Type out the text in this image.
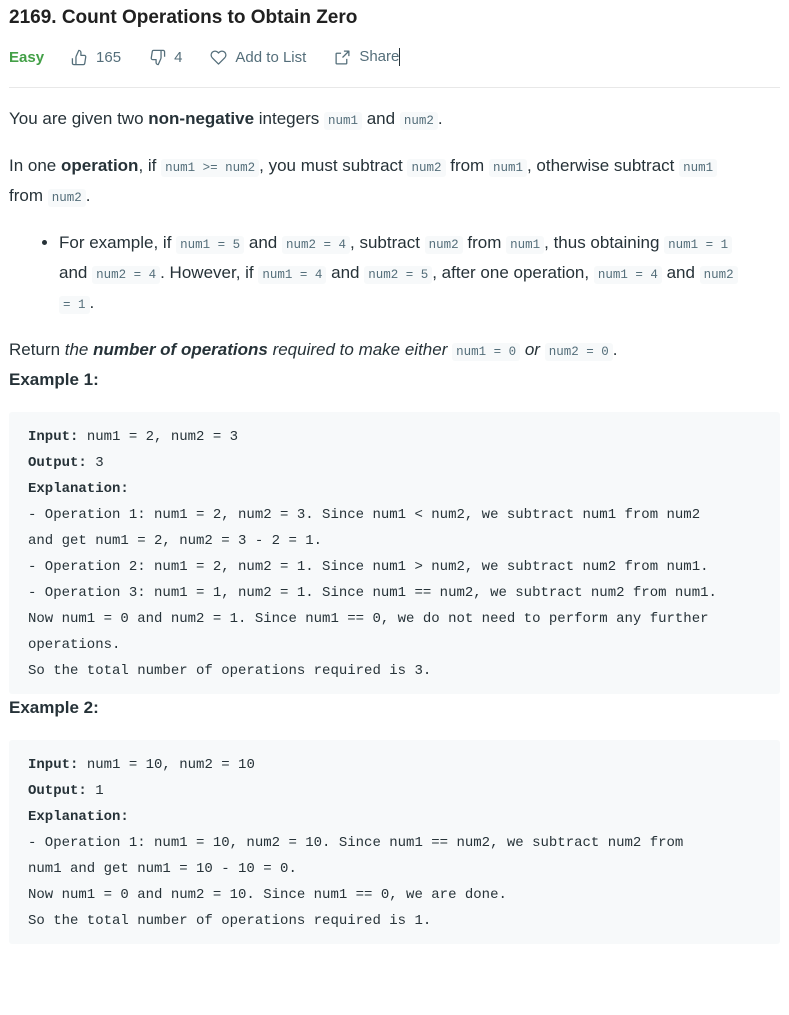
2169. Count Operations to Obtain Zero
Easy	165	4	Add to List	Share

You are given two non-negative integers num1 and num2 .

In one operation, if num1 >= num2 , you must subtract num2 from num1 , otherwise subtract num1
from num2 .

• For example, if num1 = 5 and num2 = 4 , subtract num2 from num1 , thus obtaining num1 = 1
and num2 = 4 . However, if num1 = 4 and num2 = 5 , after one operation, num1 = 4 and num2
= 1 .

Return the number of operations required to make either num1 = 0 or num2 = 0 .

Example 1:

Input: num1 = 2, num2 = 3
Output: 3
Explanation:
- Operation 1: num1 = 2, num2 = 3. Since num1 < num2, we subtract num1 from num2
and get num1 = 2, num2 = 3 - 2 = 1.
- Operation 2: num1 = 2, num2 = 1. Since num1 > num2, we subtract num2 from num1.
- Operation 3: num1 = 1, num2 = 1. Since num1 == num2, we subtract num2 from num1.
Now num1 = 0 and num2 = 1. Since num1 == 0, we do not need to perform any further
operations.
So the total number of operations required is 3.

Example 2:

Input: num1 = 10, num2 = 10
Output: 1
Explanation:
- Operation 1: num1 = 10, num2 = 10. Since num1 == num2, we subtract num2 from
num1 and get num1 = 10 - 10 = 0.
Now num1 = 0 and num2 = 10. Since num1 == 0, we are done.
So the total number of operations required is 1.
